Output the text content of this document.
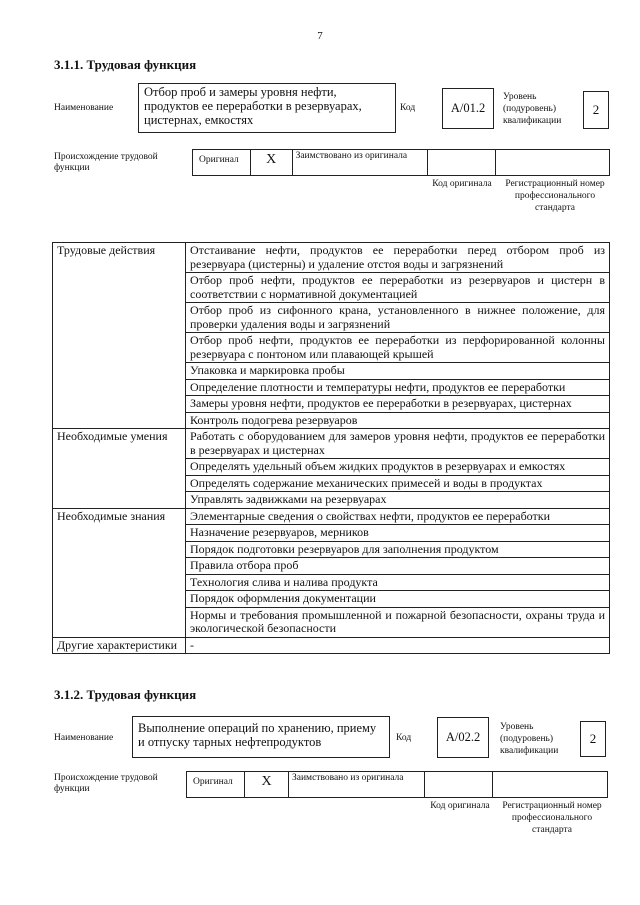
7
3.1.1. Трудовая функция
Наименование
Отбор проб и замеры уровня нефти, продуктов ее переработки в резервуарах, цистернах, емкостях
Код	А/01.2
Уровень (подуровень) квалификации
2
Происхождение трудовой функции
Оригинал	X	Заимствовано из оригинала
Код оригинала	Регистрационный номер профессионального стандарта
Трудовые действия	Отстаивание нефти, продуктов ее переработки перед отбором проб из резервуара (цистерны) и удаление отстоя воды и загрязнений
	Отбор проб нефти, продуктов ее переработки из резервуаров и цистерн в соответствии с нормативной документацией
	Отбор проб из сифонного крана, установленного в нижнее положение, для проверки удаления воды и загрязнений
	Отбор проб нефти, продуктов ее переработки из перфорированной колонны резервуара с понтоном или плавающей крышей
	Упаковка и маркировка пробы
	Определение плотности и температуры нефти, продуктов ее переработки
	Замеры уровня нефти, продуктов ее переработки в резервуарах, цистернах
	Контроль подогрева резервуаров
Необходимые умения	Работать с оборудованием для замеров уровня нефти, продуктов ее переработки в резервуарах и цистернах
	Определять удельный объем жидких продуктов в резервуарах и емкостях
	Определять содержание механических примесей и воды в продуктах
	Управлять задвижками на резервуарах
Необходимые знания	Элементарные сведения о свойствах нефти, продуктов ее переработки
	Назначение резервуаров, мерников
	Порядок подготовки резервуаров для заполнения продуктом
	Правила отбора проб
	Технология слива и налива продукта
	Порядок оформления документации
	Нормы и требования промышленной и пожарной безопасности, охраны труда и экологической безопасности
Другие характеристики	-
3.1.2. Трудовая функция
Наименование
Выполнение операций по хранению, приему и отпуску тарных нефтепродуктов	Код	А/02.2
Уровень (подуровень) квалификации
2
Происхождение трудовой функции
Оригинал	X	Заимствовано из оригинала
Код оригинала	Регистрационный номер профессионального стандарта
